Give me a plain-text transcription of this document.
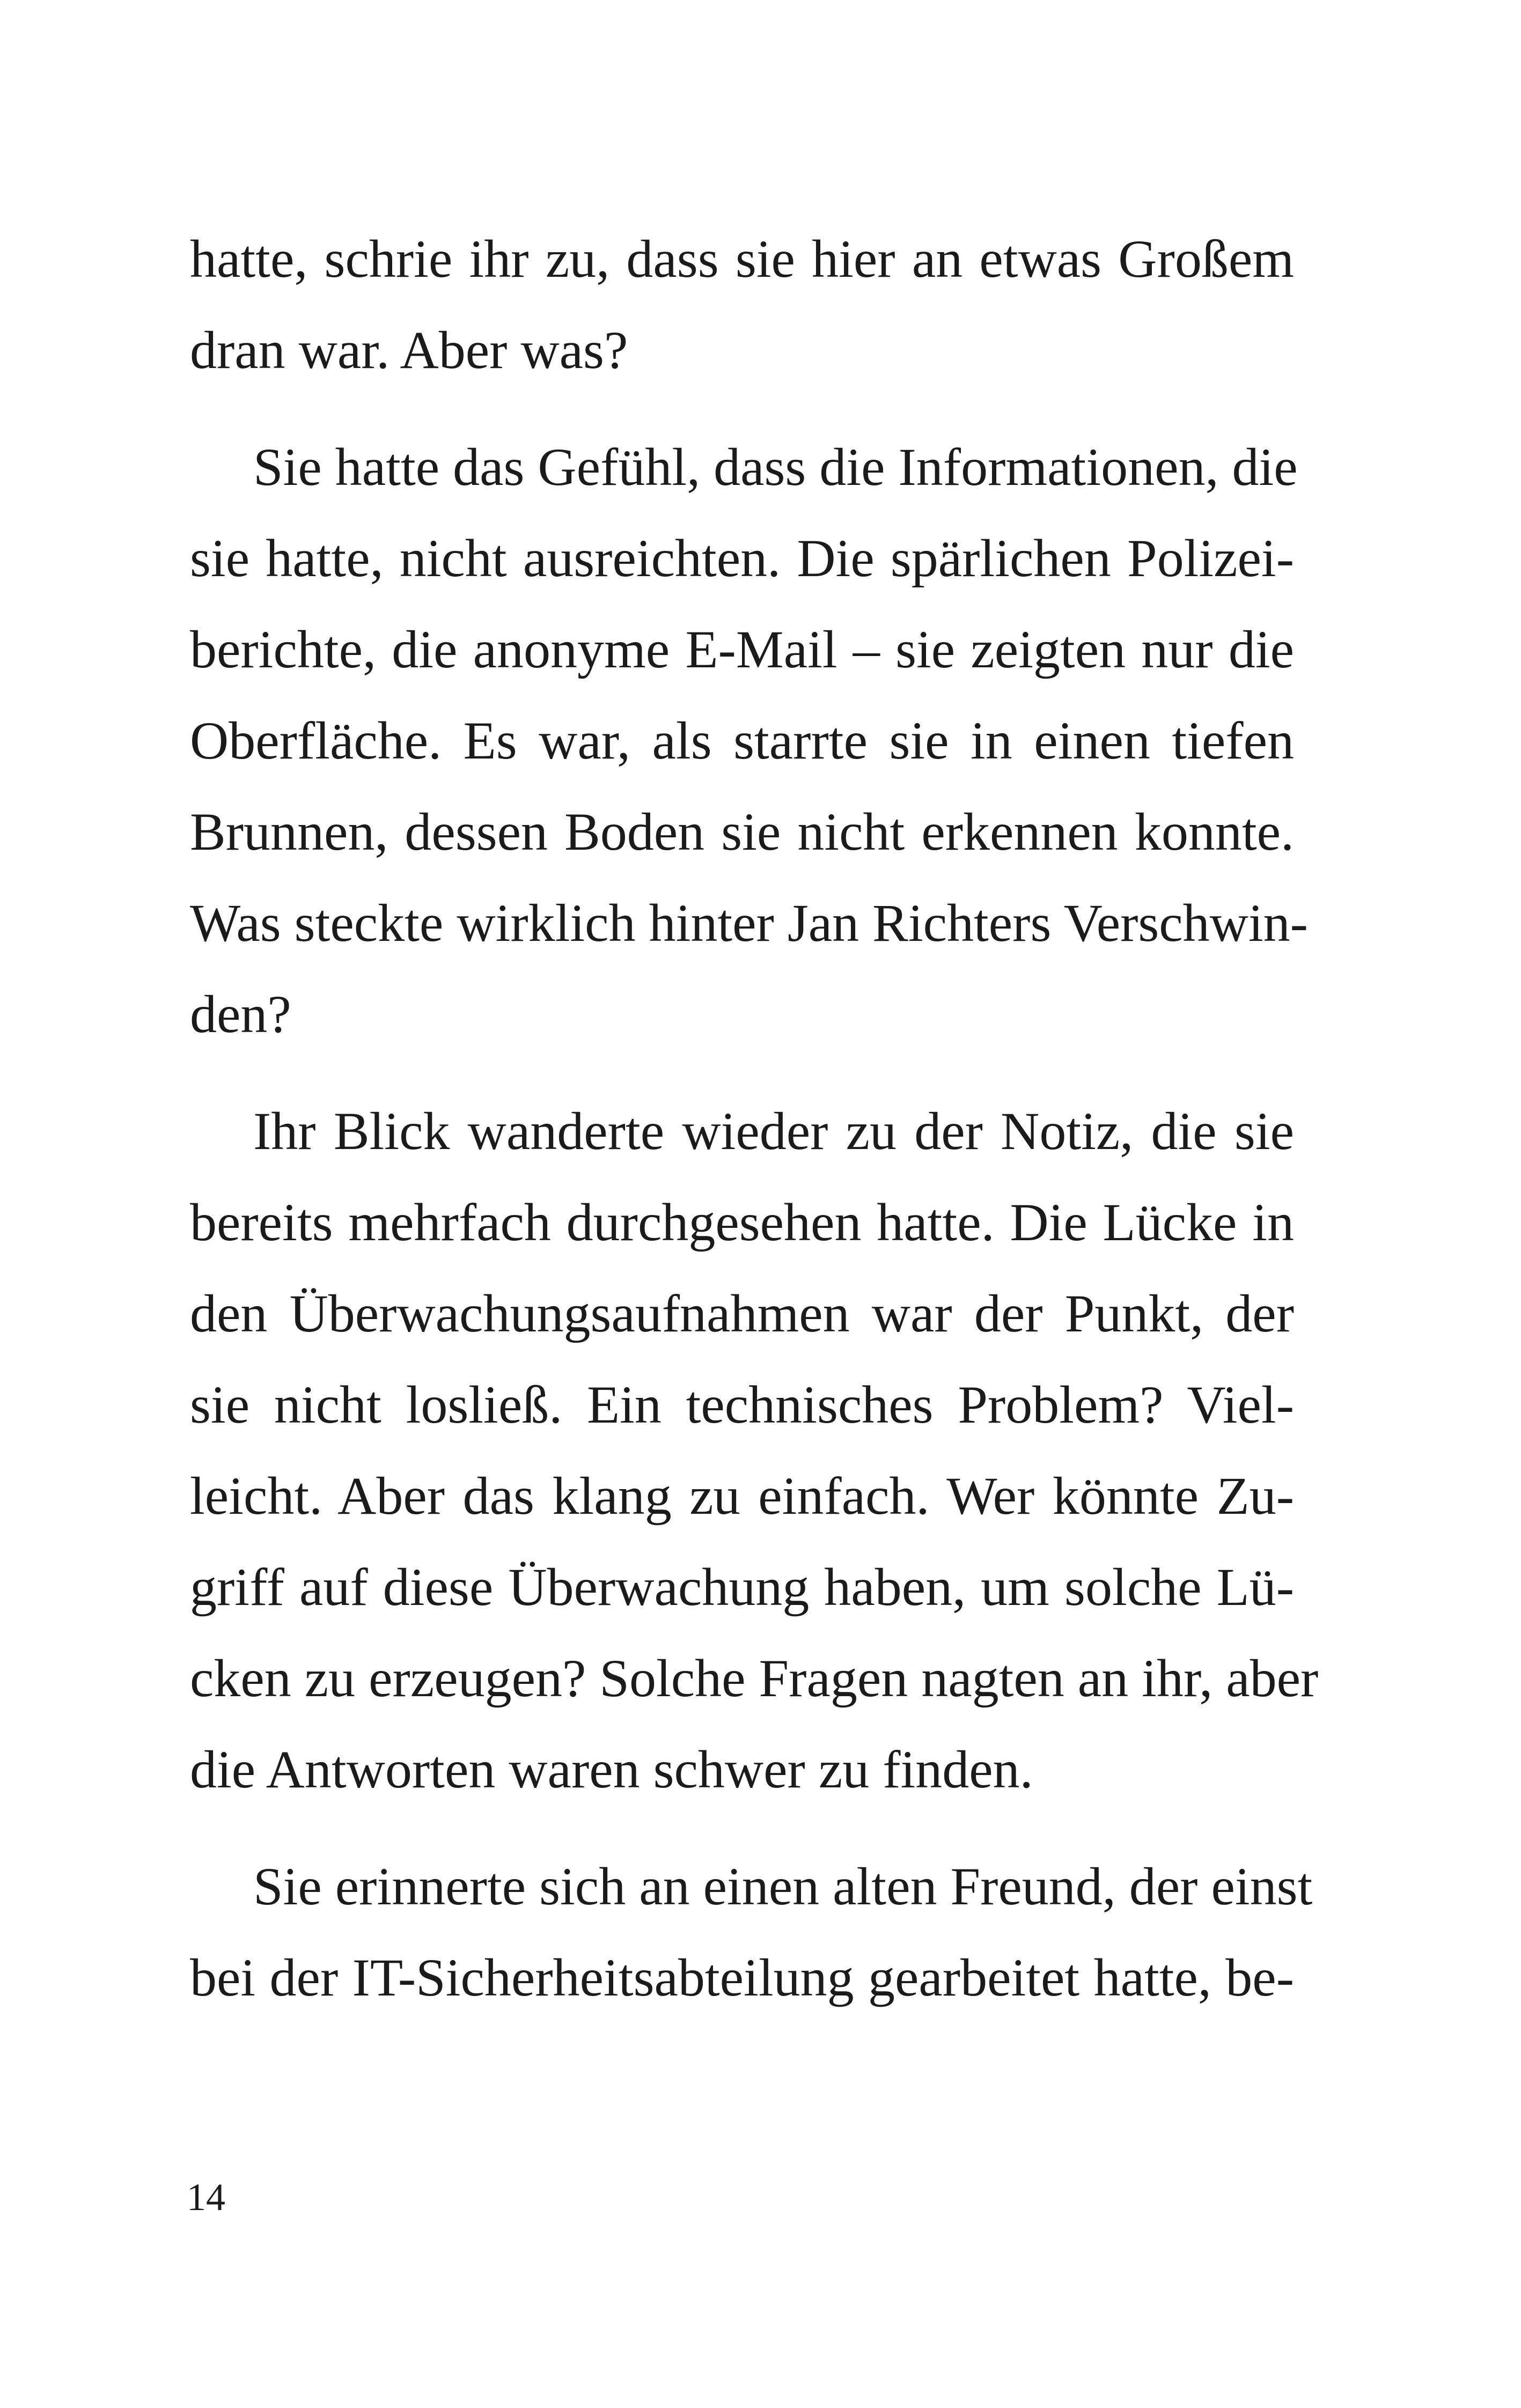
hatte, schrie ihr zu, dass sie hier an etwas Großem
dran war. Aber was?
Sie hatte das Gefühl, dass die Informationen, die
sie hatte, nicht ausreichten. Die spärlichen Polizei-
berichte, die anonyme E-Mail – sie zeigten nur die
Oberfläche. Es war, als starrte sie in einen tiefen
Brunnen, dessen Boden sie nicht erkennen konnte.
Was steckte wirklich hinter Jan Richters Verschwin-
den?
Ihr Blick wanderte wieder zu der Notiz, die sie
bereits mehrfach durchgesehen hatte. Die Lücke in
den Überwachungsaufnahmen war der Punkt, der
sie nicht losließ. Ein technisches Problem? Viel-
leicht. Aber das klang zu einfach. Wer könnte Zu-
griff auf diese Überwachung haben, um solche Lü-
cken zu erzeugen? Solche Fragen nagten an ihr, aber
die Antworten waren schwer zu finden.
Sie erinnerte sich an einen alten Freund, der einst
bei der IT-Sicherheitsabteilung gearbeitet hatte, be-
14
